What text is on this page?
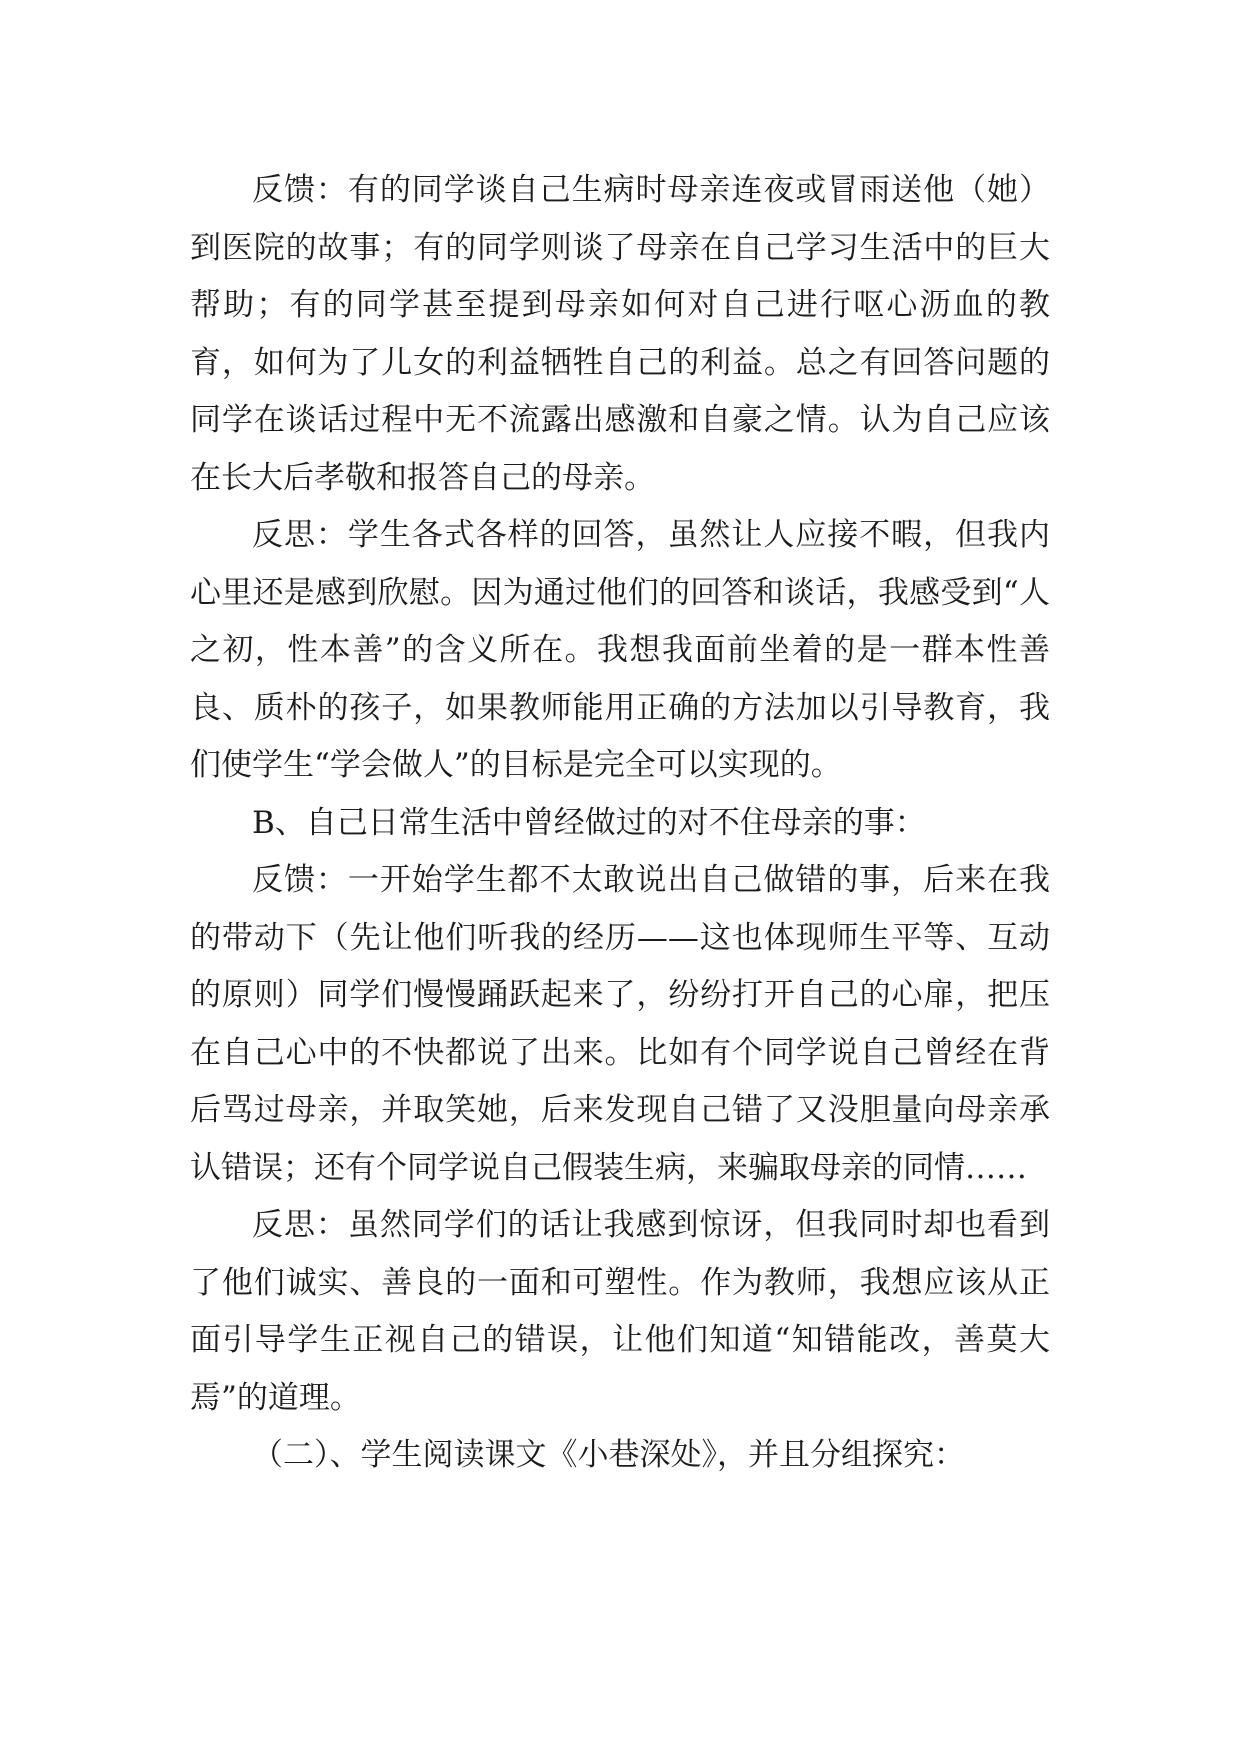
反馈：有的同学谈自己生病时母亲连夜或冒雨送他（她）到医院的故事；有的同学则谈了母亲在自己学习生活中的巨大帮助；有的同学甚至提到母亲如何对自己进行呕心沥血的教育，如何为了儿女的利益牺牲自己的利益。总之有回答问题的同学在谈话过程中无不流露出感激和自豪之情。认为自己应该在长大后孝敬和报答自己的母亲。

反思：学生各式各样的回答，虽然让人应接不暇，但我内心里还是感到欣慰。因为通过他们的回答和谈话，我感受到“人之初，性本善”的含义所在。我想我面前坐着的是一群本性善良、质朴的孩子，如果教师能用正确的方法加以引导教育，我们使学生“学会做人”的目标是完全可以实现的。

B、自己日常生活中曾经做过的对不住母亲的事：

反馈：一开始学生都不太敢说出自己做错的事，后来在我的带动下（先让他们听我的经历——这也体现师生平等、互动的原则）同学们慢慢踊跃起来了，纷纷打开自己的心扉，把压在自己心中的不快都说了出来。比如有个同学说自己曾经在背后骂过母亲，并取笑她，后来发现自己错了又没胆量向母亲承认错误；还有个同学说自己假装生病，来骗取母亲的同情……

反思：虽然同学们的话让我感到惊讶，但我同时却也看到了他们诚实、善良的一面和可塑性。作为教师，我想应该从正面引导学生正视自己的错误，让他们知道“知错能改，善莫大焉”的道理。

（二）、学生阅读课文《小巷深处》，并且分组探究：
